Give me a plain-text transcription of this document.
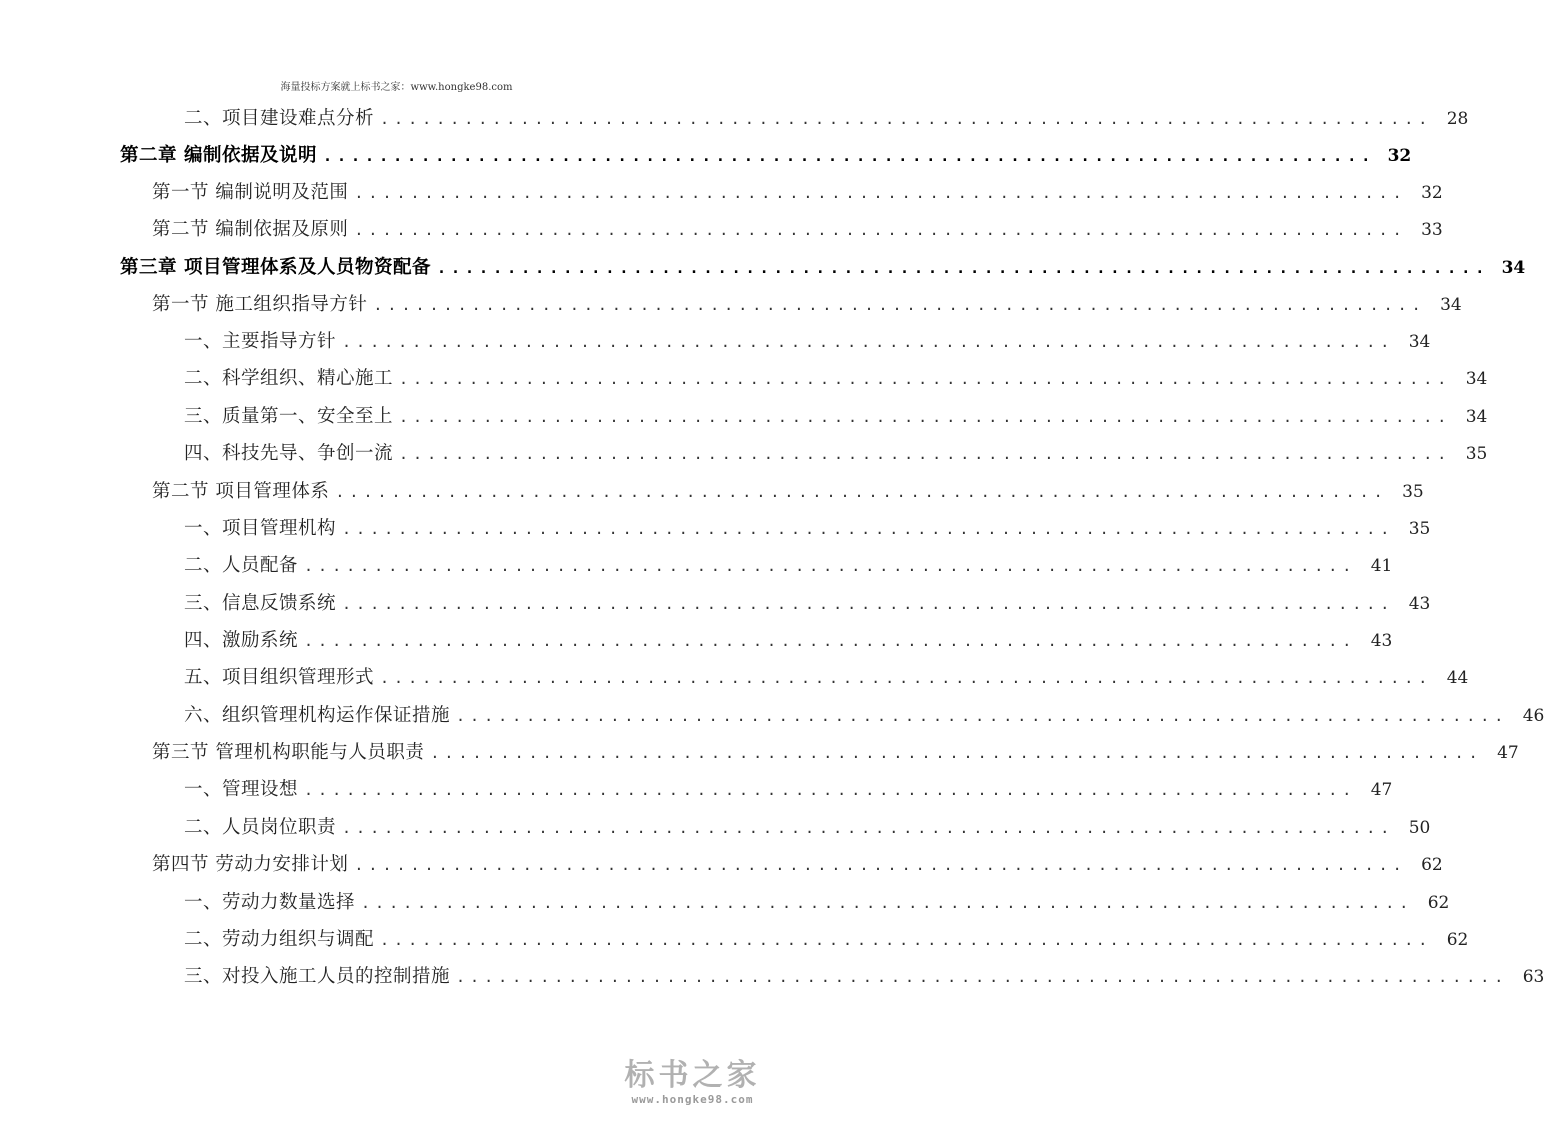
海量投标方案就上标书之家：www.hongke98.com
二、项目建设难点分析 ........................................................................... 28
第二章 编制依据及说明 ........................................................................... 32
第一节 编制说明及范围 ........................................................................... 32
第二节 编制依据及原则 ........................................................................... 33
第三章 项目管理体系及人员物资配备 ........................................................................... 34
第一节 施工组织指导方针 ........................................................................... 34
一、主要指导方针 ........................................................................... 34
二、科学组织、精心施工 ........................................................................... 34
三、质量第一、安全至上 ........................................................................... 34
四、科技先导、争创一流 ........................................................................... 35
第二节 项目管理体系 ........................................................................... 35
一、项目管理机构 ........................................................................... 35
二、人员配备 ........................................................................... 41
三、信息反馈系统 ........................................................................... 43
四、激励系统 ........................................................................... 43
五、项目组织管理形式 ........................................................................... 44
六、组织管理机构运作保证措施 ........................................................................... 46
第三节 管理机构职能与人员职责 ........................................................................... 47
一、管理设想 ........................................................................... 47
二、人员岗位职责 ........................................................................... 50
第四节 劳动力安排计划 ........................................................................... 62
一、劳动力数量选择 ........................................................................... 62
二、劳动力组织与调配 ........................................................................... 62
三、对投入施工人员的控制措施 ........................................................................... 63
标书之家
www.hongke98.com
